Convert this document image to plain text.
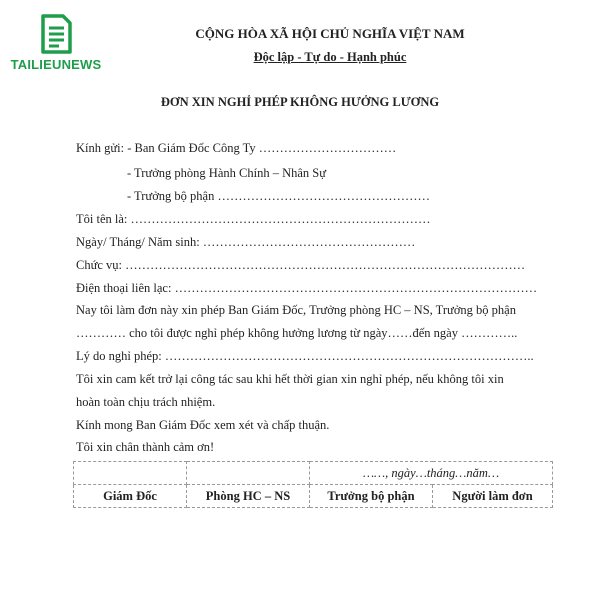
TAILIEUNEWS
CỘNG HÒA XÃ HỘI CHỦ NGHĨA VIỆT NAM
Độc lập - Tự do - Hạnh phúc
ĐƠN XIN NGHỈ PHÉP KHÔNG HƯỞNG LƯƠNG
Kính gửi: - Ban Giám Đốc Công Ty ……………………………
- Trưởng phòng Hành Chính – Nhân Sự
- Trưởng bộ phận ……………………………………………
Tôi tên là: ………………………………………………………………
Ngày/ Tháng/ Năm sinh: ……………………………………………
Chức vụ: ……………………………………………………………………………………
Điện thoại liên lạc: ……………………………………………………………………………
Nay tôi làm đơn này xin phép Ban Giám Đốc, Trưởng phòng HC – NS, Trưởng bộ phận
………… cho tôi được nghỉ phép không hưởng lương từ ngày……đến ngày …………..
Lý do nghỉ phép: ……………………………………………………………………………..
Tôi xin cam kết trở lại công tác sau khi hết thời gian xin nghỉ phép, nếu không tôi xin
hoàn toàn chịu trách nhiệm.
Kính mong Ban Giám Đốc xem xét và chấp thuận.
Tôi xin chân thành cảm ơn!
		……, ngày…tháng…năm…	
Giám Đốc	Phòng HC – NS	Trưởng bộ phận	Người làm đơn
